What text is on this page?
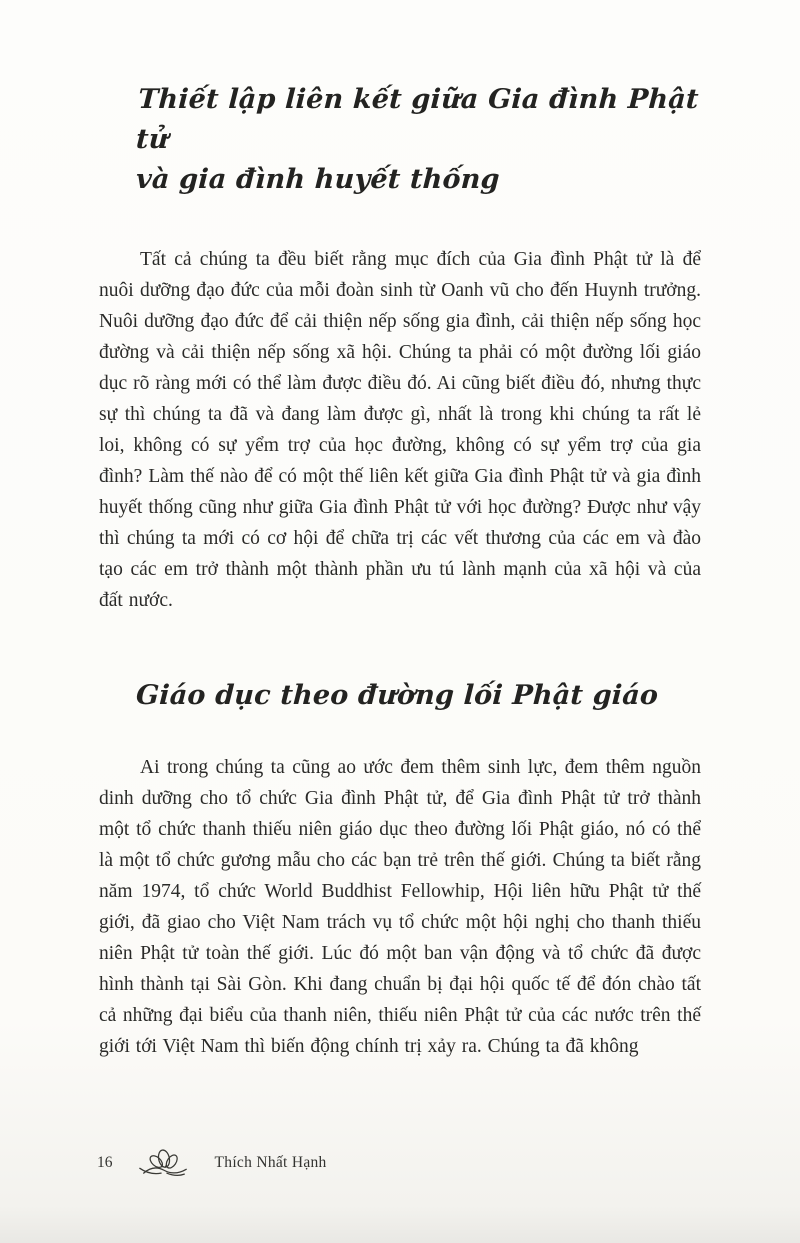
Thiết lập liên kết giữa Gia đình Phật tử
và gia đình huyết thống

Tất cả chúng ta đều biết rằng mục đích của Gia đình Phật tử là để nuôi dưỡng đạo đức của mỗi đoàn sinh từ Oanh vũ cho đến Huynh trưởng. Nuôi dưỡng đạo đức để cải thiện nếp sống gia đình, cải thiện nếp sống học đường và cải thiện nếp sống xã hội. Chúng ta phải có một đường lối giáo dục rõ ràng mới có thể làm được điều đó. Ai cũng biết điều đó, nhưng thực sự thì chúng ta đã và đang làm được gì, nhất là trong khi chúng ta rất lẻ loi, không có sự yểm trợ của học đường, không có sự yểm trợ của gia đình? Làm thế nào để có một thế liên kết giữa Gia đình Phật tử và gia đình huyết thống cũng như giữa Gia đình Phật tử với học đường? Được như vậy thì chúng ta mới có cơ hội để chữa trị các vết thương của các em và đào tạo các em trở thành một thành phần ưu tú lành mạnh của xã hội và của đất nước.

Giáo dục theo đường lối Phật giáo

Ai trong chúng ta cũng ao ước đem thêm sinh lực, đem thêm nguồn dinh dưỡng cho tổ chức Gia đình Phật tử, để Gia đình Phật tử trở thành một tổ chức thanh thiếu niên giáo dục theo đường lối Phật giáo, nó có thể là một tổ chức gương mẫu cho các bạn trẻ trên thế giới. Chúng ta biết rằng năm 1974, tổ chức World Buddhist Fellowhip, Hội liên hữu Phật tử thế giới, đã giao cho Việt Nam trách vụ tổ chức một hội nghị cho thanh thiếu niên Phật tử toàn thế giới. Lúc đó một ban vận động và tổ chức đã được hình thành tại Sài Gòn. Khi đang chuẩn bị đại hội quốc tế để đón chào tất cả những đại biểu của thanh niên, thiếu niên Phật tử của các nước trên thế giới tới Việt Nam thì biến động chính trị xảy ra. Chúng ta đã không

16	Thích Nhất Hạnh
